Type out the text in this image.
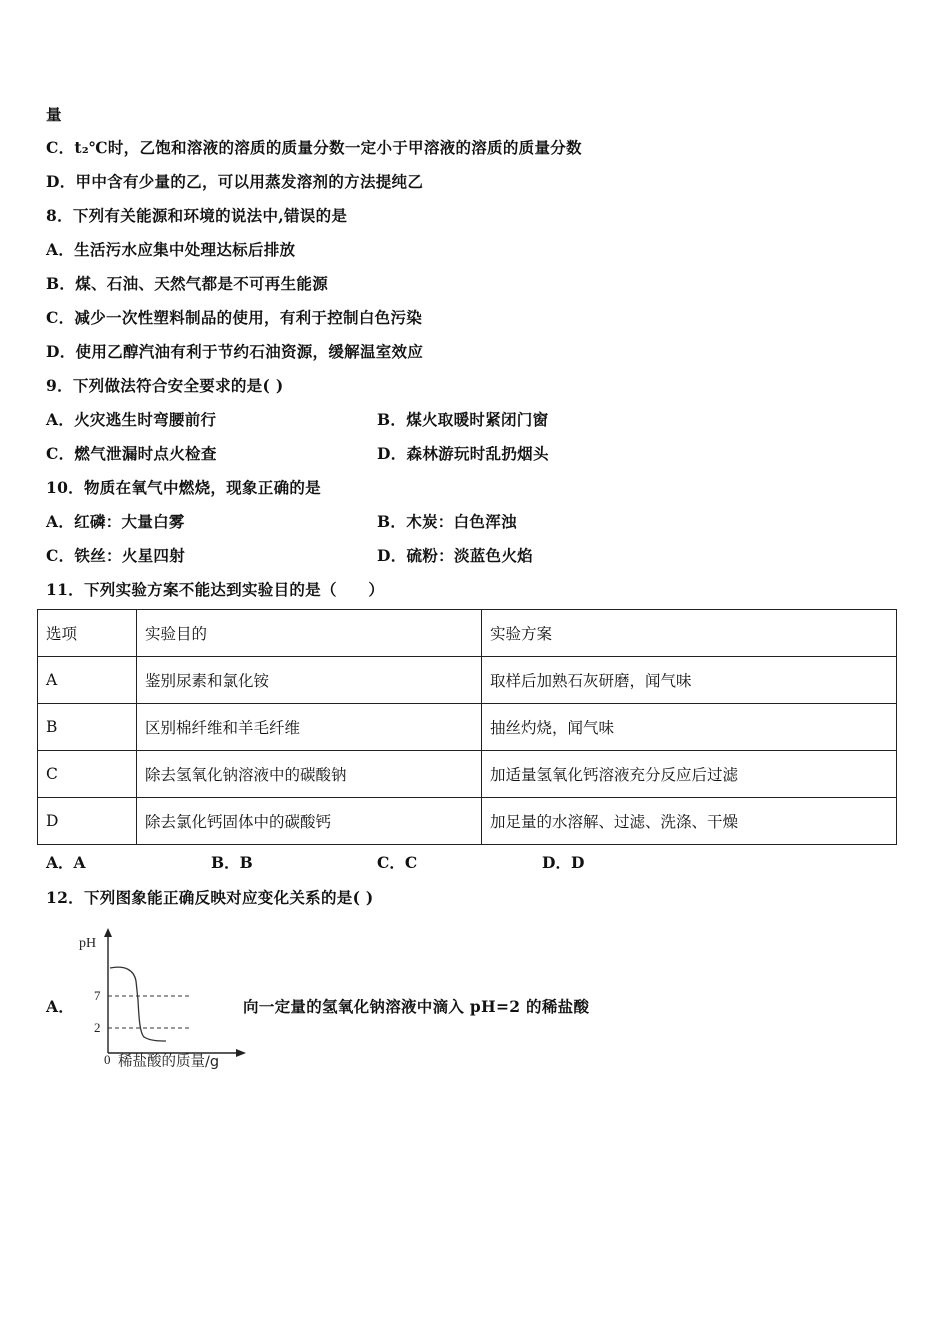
量
C．t₂℃时，乙饱和溶液的溶质的质量分数一定小于甲溶液的溶质的质量分数
D．甲中含有少量的乙，可以用蒸发溶剂的方法提纯乙
8．下列有关能源和环境的说法中,错误的是
A．生活污水应集中处理达标后排放
B．煤、石油、天然气都是不可再生能源
C．减少一次性塑料制品的使用，有利于控制白色污染
D．使用乙醇汽油有利于节约石油资源，缓解温室效应
9．下列做法符合安全要求的是( )
A．火灾逃生时弯腰前行	B．煤火取暖时紧闭门窗
C．燃气泄漏时点火检查	D．森林游玩时乱扔烟头
10．物质在氧气中燃烧，现象正确的是
A．红磷：大量白雾	B．木炭：白色浑浊
C．铁丝：火星四射	D．硫粉：淡蓝色火焰
11．下列实验方案不能达到实验目的是（　　）
选项	实验目的	实验方案
A	鉴别尿素和氯化铵	取样后加熟石灰研磨，闻气味
B	区别棉纤维和羊毛纤维	抽丝灼烧，闻气味
C	除去氢氧化钠溶液中的碳酸钠	加适量氢氧化钙溶液充分反应后过滤
D	除去氯化钙固体中的碳酸钙	加足量的水溶解、过滤、洗涤、干燥
A．A	B．B	C．C	D．D
12．下列图象能正确反映对应变化关系的是( )
A．	向一定量的氢氧化钠溶液中滴入 pH=2 的稀盐酸
pH
7
2
0 稀盐酸的质量/g
